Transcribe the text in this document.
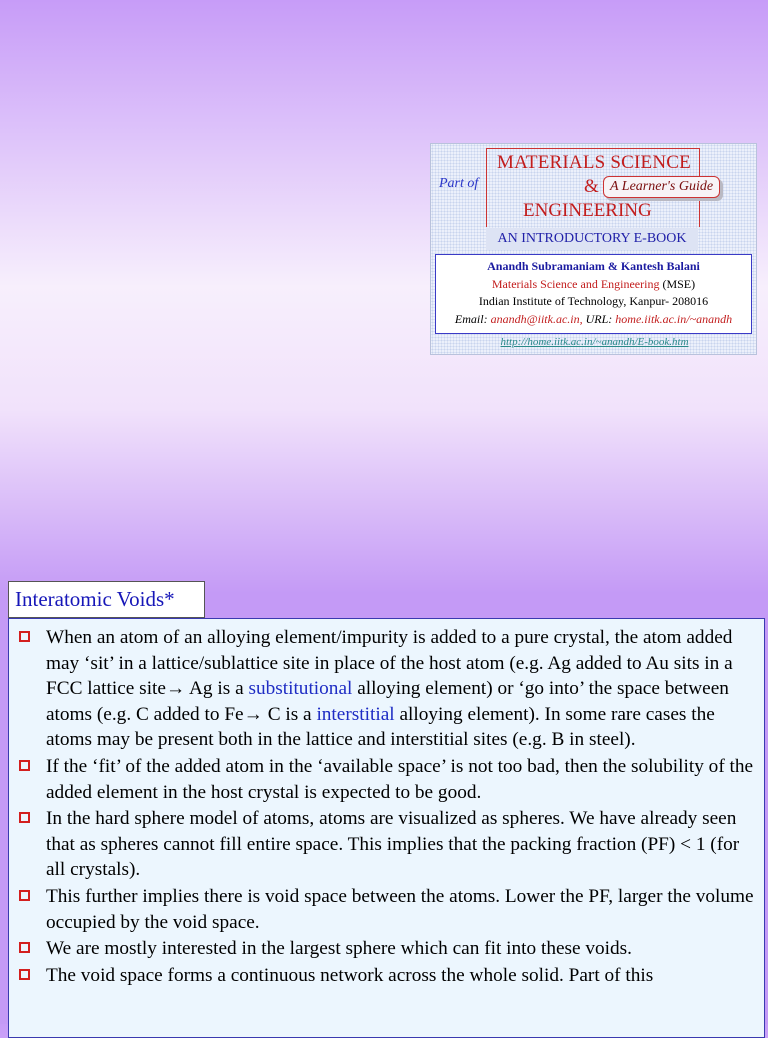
Part of
MATERIALS SCIENCE
& A Learner's Guide
ENGINEERING
AN INTRODUCTORY E-BOOK
Anandh Subramaniam & Kantesh Balani
Materials Science and Engineering (MSE)
Indian Institute of Technology, Kanpur- 208016
Email: anandh@iitk.ac.in, URL: home.iitk.ac.in/~anandh
http://home.iitk.ac.in/~anandh/E-book.htm
Interatomic Voids*
When an atom of an alloying element/impurity is added to a pure crystal, the atom added may ‘sit’ in a lattice/sublattice site in place of the host atom (e.g. Ag added to Au sits in a FCC lattice site→ Ag is a substitutional alloying element) or ‘go into’ the space between atoms (e.g. C added to Fe→ C is a interstitial alloying element). In some rare cases the atoms may be present both in the lattice and interstitial sites (e.g. B in steel).
If the ‘fit’ of the added atom in the ‘available space’ is not too bad, then the solubility of the added element in the host crystal is expected to be good.
In the hard sphere model of atoms, atoms are visualized as spheres. We have already seen that as spheres cannot fill entire space. This implies that the packing fraction (PF) < 1 (for all crystals).
This further implies there is void space between the atoms. Lower the PF, larger the volume occupied by the void space.
We are mostly interested in the largest sphere which can fit into these voids.
The void space forms a continuous network across the whole solid. Part of this
